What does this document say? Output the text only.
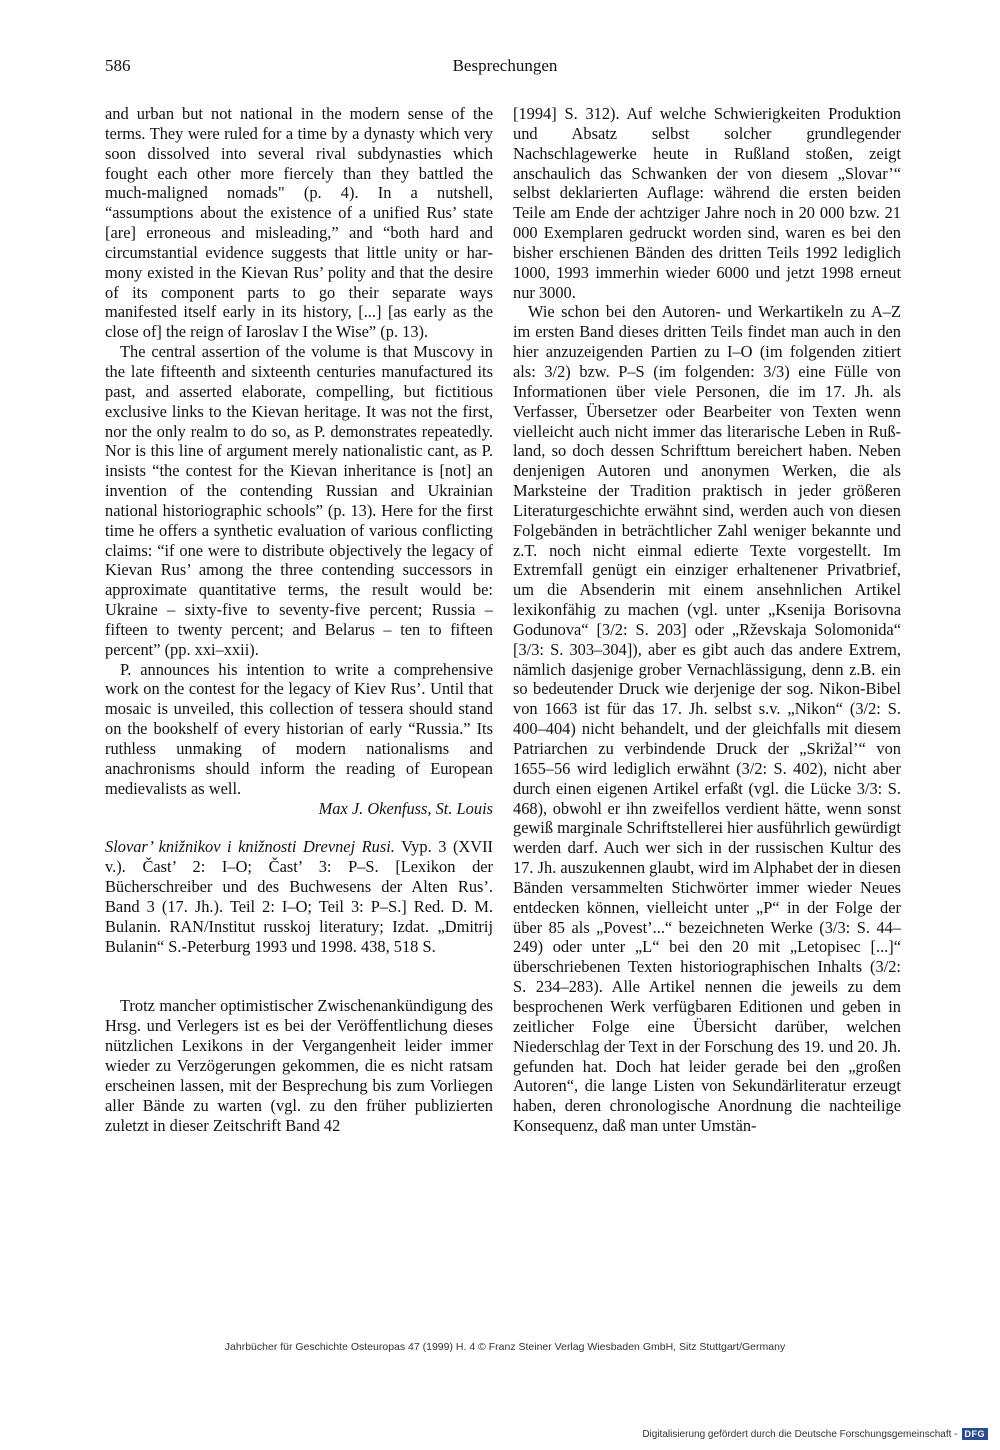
586	Besprechungen

and urban but not national in the modern sense of the terms. They were ruled for a time by a dynasty which very soon dissolved into several rival subdynasties which fought each other more fiercely than they battled the much-maligned nomads" (p. 4). In a nutshell, “assumptions about the existence of a unified Rus’ state [are] erroneous and misleading,” and “both hard and circumstantial evidence suggests that little unity or harmony existed in the Kievan Rus’ polity and that the desire of its component parts to go their separate ways manifested itself early in its history, [...] [as early as the close of] the reign of Iaroslav I the Wise” (p. 13).

The central assertion of the volume is that Muscovy in the late fifteenth and sixteenth centuries manufactured its past, and asserted elaborate, compelling, but fictitious exclusive links to the Kievan heritage. It was not the first, nor the only realm to do so, as P. demonstrates repeatedly. Nor is this line of argument merely nationalistic cant, as P. insists “the contest for the Kievan inheritance is [not] an invention of the contending Russian and Ukrainian national historiographic schools” (p. 13). Here for the first time he offers a synthetic evaluation of various conflicting claims: “if one were to distribute objectively the legacy of Kievan Rus’ among the three contending successors in approximate quantitative terms, the result would be: Ukraine – sixty-five to seventy-five percent; Russia – fifteen to twenty percent; and Belarus – ten to fifteen percent” (pp. xxi–xxii).

P. announces his intention to write a comprehensive work on the contest for the legacy of Kiev Rus’. Until that mosaic is unveiled, this collection of tessera should stand on the bookshelf of every historian of early “Russia.” Its ruthless unmaking of modern nationalisms and anachronisms should inform the reading of European medievalists as well.

Max J. Okenfuss, St. Louis

Slovar’ knižnikov i knižnosti Drevnej Rusi. Vyp. 3 (XVII v.). Čast’ 2: I–O; Čast’ 3: P–S. [Lexikon der Bücherschreiber und des Buchwesens der Alten Rus’. Band 3 (17. Jh.). Teil 2: I–O; Teil 3: P–S.] Red. D. M. Bulanin. RAN/Institut russkoj literatury; Izdat. „Dmitrij Bulanin“ S.-Peterburg 1993 und 1998. 438, 518 S.

Trotz mancher optimistischer Zwischenankündigung des Hrsg. und Verlegers ist es bei der Veröffentlichung dieses nützlichen Lexikons in der Vergangenheit leider immer wieder zu Verzögerungen gekommen, die es nicht ratsam erscheinen lassen, mit der Besprechung bis zum Vorliegen aller Bände zu warten (vgl. zu den früher publizierten zuletzt in dieser Zeitschrift Band 42

[1994] S. 312). Auf welche Schwierigkeiten Produktion und Absatz selbst solcher grundlegender Nachschlagewerke heute in Rußland stoßen, zeigt anschaulich das Schwanken der von diesem „Slovar’“ selbst deklarierten Auflage: während die ersten beiden Teile am Ende der achtziger Jahre noch in 20 000 bzw. 21 000 Exemplaren gedruckt worden sind, waren es bei den bisher erschienen Bänden des dritten Teils 1992 lediglich 1000, 1993 immerhin wieder 6000 und jetzt 1998 erneut nur 3000.

Wie schon bei den Autoren- und Werkartikeln zu A–Z im ersten Band dieses dritten Teils findet man auch in den hier anzuzeigenden Partien zu I–O (im folgenden zitiert als: 3/2) bzw. P–S (im folgenden: 3/3) eine Fülle von Informationen über viele Personen, die im 17. Jh. als Verfasser, Übersetzer oder Bearbeiter von Texten wenn vielleicht auch nicht immer das literarische Leben in Rußland, so doch dessen Schrifttum bereichert haben. Neben denjenigen Autoren und anonymen Werken, die als Marksteine der Tradition praktisch in jeder größeren Literaturgeschichte erwähnt sind, werden auch von diesen Folgebänden in beträchtlicher Zahl weniger bekannte und z.T. noch nicht einmal edierte Texte vorgestellt. Im Extremfall genügt ein einziger erhaltenener Privatbrief, um die Absenderin mit einem ansehnlichen Artikel lexikonfähig zu machen (vgl. unter „Ksenija Borisovna Godunova“ [3/2: S. 203] oder „Rževskaja Solomonida“ [3/3: S. 303–304]), aber es gibt auch das andere Extrem, nämlich dasjenige grober Vernachlässigung, denn z.B. ein so bedeutender Druck wie derjenige der sog. Nikon-Bibel von 1663 ist für das 17. Jh. selbst s.v. „Nikon“ (3/2: S. 400–404) nicht behandelt, und der gleichfalls mit diesem Patriarchen zu verbindende Druck der „Skrižal’“ von 1655–56 wird lediglich erwähnt (3/2: S. 402), nicht aber durch einen eigenen Artikel erfaßt (vgl. die Lücke 3/3: S. 468), obwohl er ihn zweifellos verdient hätte, wenn sonst gewiß marginale Schriftstellerei hier ausführlich gewürdigt werden darf. Auch wer sich in der russischen Kultur des 17. Jh. auszukennen glaubt, wird im Alphabet der in diesen Bänden versammelten Stichwörter immer wieder Neues entdecken können, vielleicht unter „P“ in der Folge der über 85 als „Povest’...“ bezeichneten Werke (3/3: S. 44–249) oder unter „L“ bei den 20 mit „Letopisec [...]“ überschriebenen Texten historiographischen Inhalts (3/2: S. 234–283). Alle Artikel nennen die jeweils zu dem besprochenen Werk verfügbaren Editionen und geben in zeitlicher Folge eine Übersicht darüber, welchen Niederschlag der Text in der Forschung des 19. und 20. Jh. gefunden hat. Doch hat leider gerade bei den „großen Autoren“, die lange Listen von Sekundärliteratur erzeugt haben, deren chronologische Anordnung die nachteilige Konsequenz, daß man unter Umstän-

Jahrbücher für Geschichte Osteuropas 47 (1999) H. 4 © Franz Steiner Verlag Wiesbaden GmbH, Sitz Stuttgart/Germany
Digitalisierung gefördert durch die Deutsche Forschungsgemeinschaft - DFG
